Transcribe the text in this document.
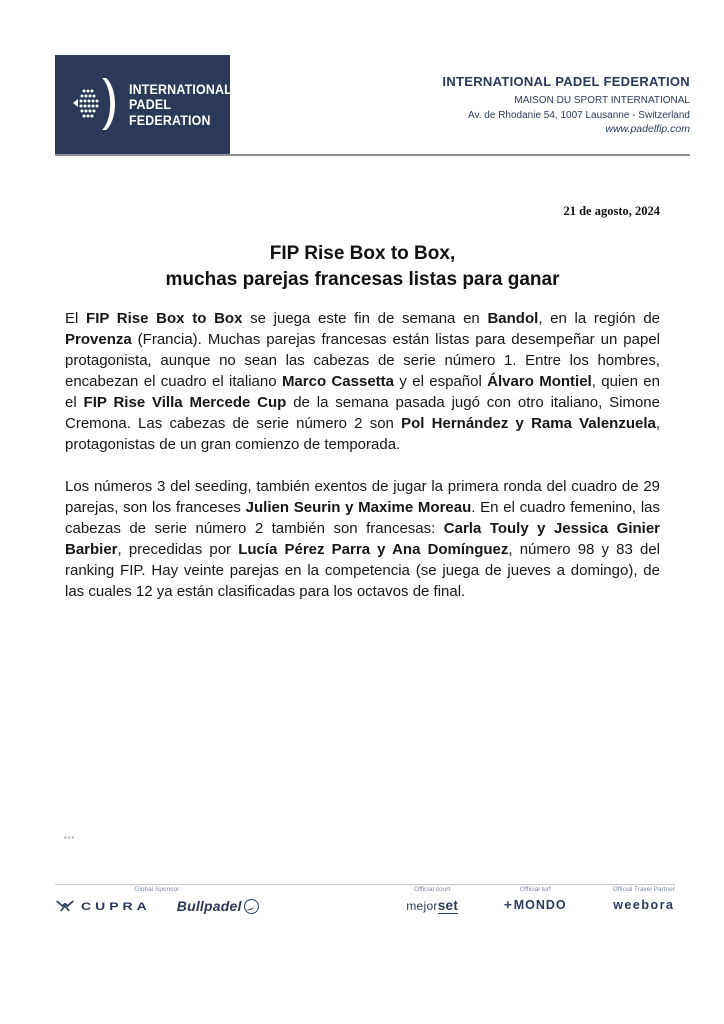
INTERNATIONAL
PADEL
FEDERATION
INTERNATIONAL PADEL FEDERATION
MAISON DU SPORT INTERNATIONAL
Av. de Rhodanie 54, 1007 Lausanne - Switzerland
www.padelfip.com
21 de agosto, 2024
FIP Rise Box to Box,
muchas parejas francesas listas para ganar

El FIP Rise Box to Box se juega este fin de semana en Bandol, en la región de Provenza (Francia). Muchas parejas francesas están listas para desempeñar un papel protagonista, aunque no sean las cabezas de serie número 1. Entre los hombres, encabezan el cuadro el italiano Marco Cassetta y el español Álvaro Montiel, quien en el FIP Rise Villa Mercede Cup de la semana pasada jugó con otro italiano, Simone Cremona. Las cabezas de serie número 2 son Pol Hernández y Rama Valenzuela, protagonistas de un gran comienzo de temporada.

Los números 3 del seeding, también exentos de jugar la primera ronda del cuadro de 29 parejas, son los franceses Julien Seurin y Maxime Moreau. En el cuadro femenino, las cabezas de serie número 2 también son francesas: Carla Touly y Jessica Ginier Barbier, precedidas por Lucía Pérez Parra y Ana Domínguez, número 98 y 83 del ranking FIP. Hay veinte parejas en la competencia (se juega de jueves a domingo), de las cuales 12 ya están clasificadas para los octavos de final.

***
Global Sponsor
CUPRA Bullpadel
Official court
mejor set
Official turf
✛ MONDO
Official Travel Partner
weebora
